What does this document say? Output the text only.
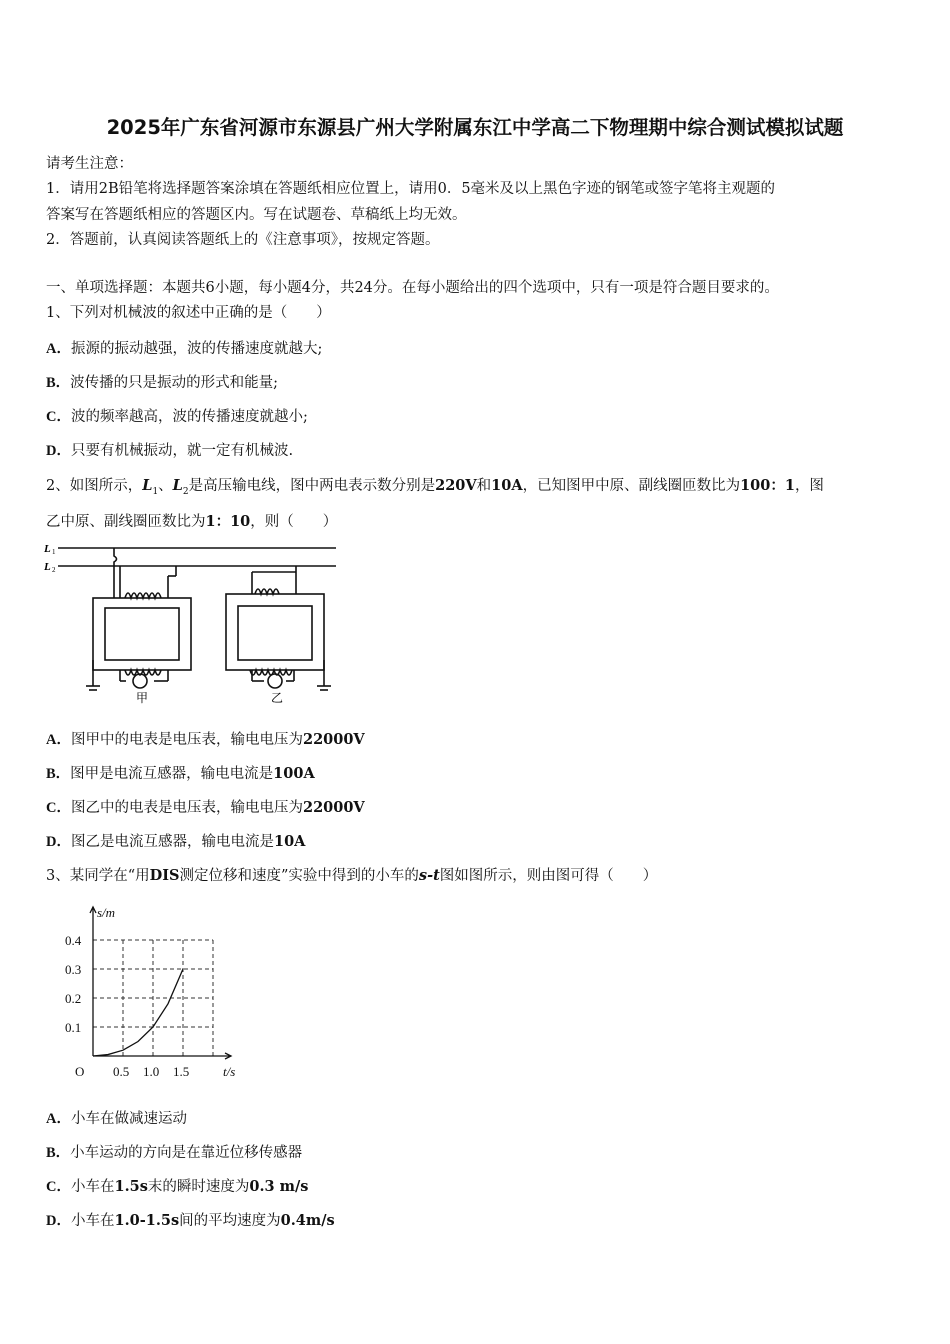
2025年广东省河源市东源县广州大学附属东江中学高二下物理期中综合测试模拟试题
请考生注意：
1．请用2B铅笔将选择题答案涂填在答题纸相应位置上，请用0．5毫米及以上黑色字迹的钢笔或签字笔将主观题的
答案写在答题纸相应的答题区内。写在试题卷、草稿纸上均无效。
2．答题前，认真阅读答题纸上的《注意事项》，按规定答题。
一、单项选择题：本题共6小题，每小题4分，共24分。在每小题给出的四个选项中，只有一项是符合题目要求的。
1、下列对机械波的叙述中正确的是（　　）
A．振源的振动越强，波的传播速度就越大;
B．波传播的只是振动的形式和能量;
C．波的频率越高，波的传播速度就越小;
D．只要有机械振动，就一定有机械波.
2、如图所示，$L_1$、$L_2$是高压输电线，图中两电表示数分别是220V和10A，已知图甲中原、副线圈匝数比为100：1，图
乙中原、副线圈匝数比为1：10，则（　　）
L 1
L 2
甲	乙
A．图甲中的电表是电压表，输电电压为22000V
B．图甲是电流互感器，输电电流是100A
C．图乙中的电表是电压表，输电电压为22000V
D．图乙是电流互感器，输电电流是10A
3、某同学在“用DIS测定位移和速度”实验中得到的小车的s-t图如图所示，则由图可得（　　）
0.5 1.0 1.5
0.1
0.2
0.3
0.4
O	t/s
s/m
A．小车在做减速运动
B．小车运动的方向是在靠近位移传感器
C．小车在1.5s末的瞬时速度为0.3 m/s
D．小车在1.0-1.5s间的平均速度为0.4m/s
